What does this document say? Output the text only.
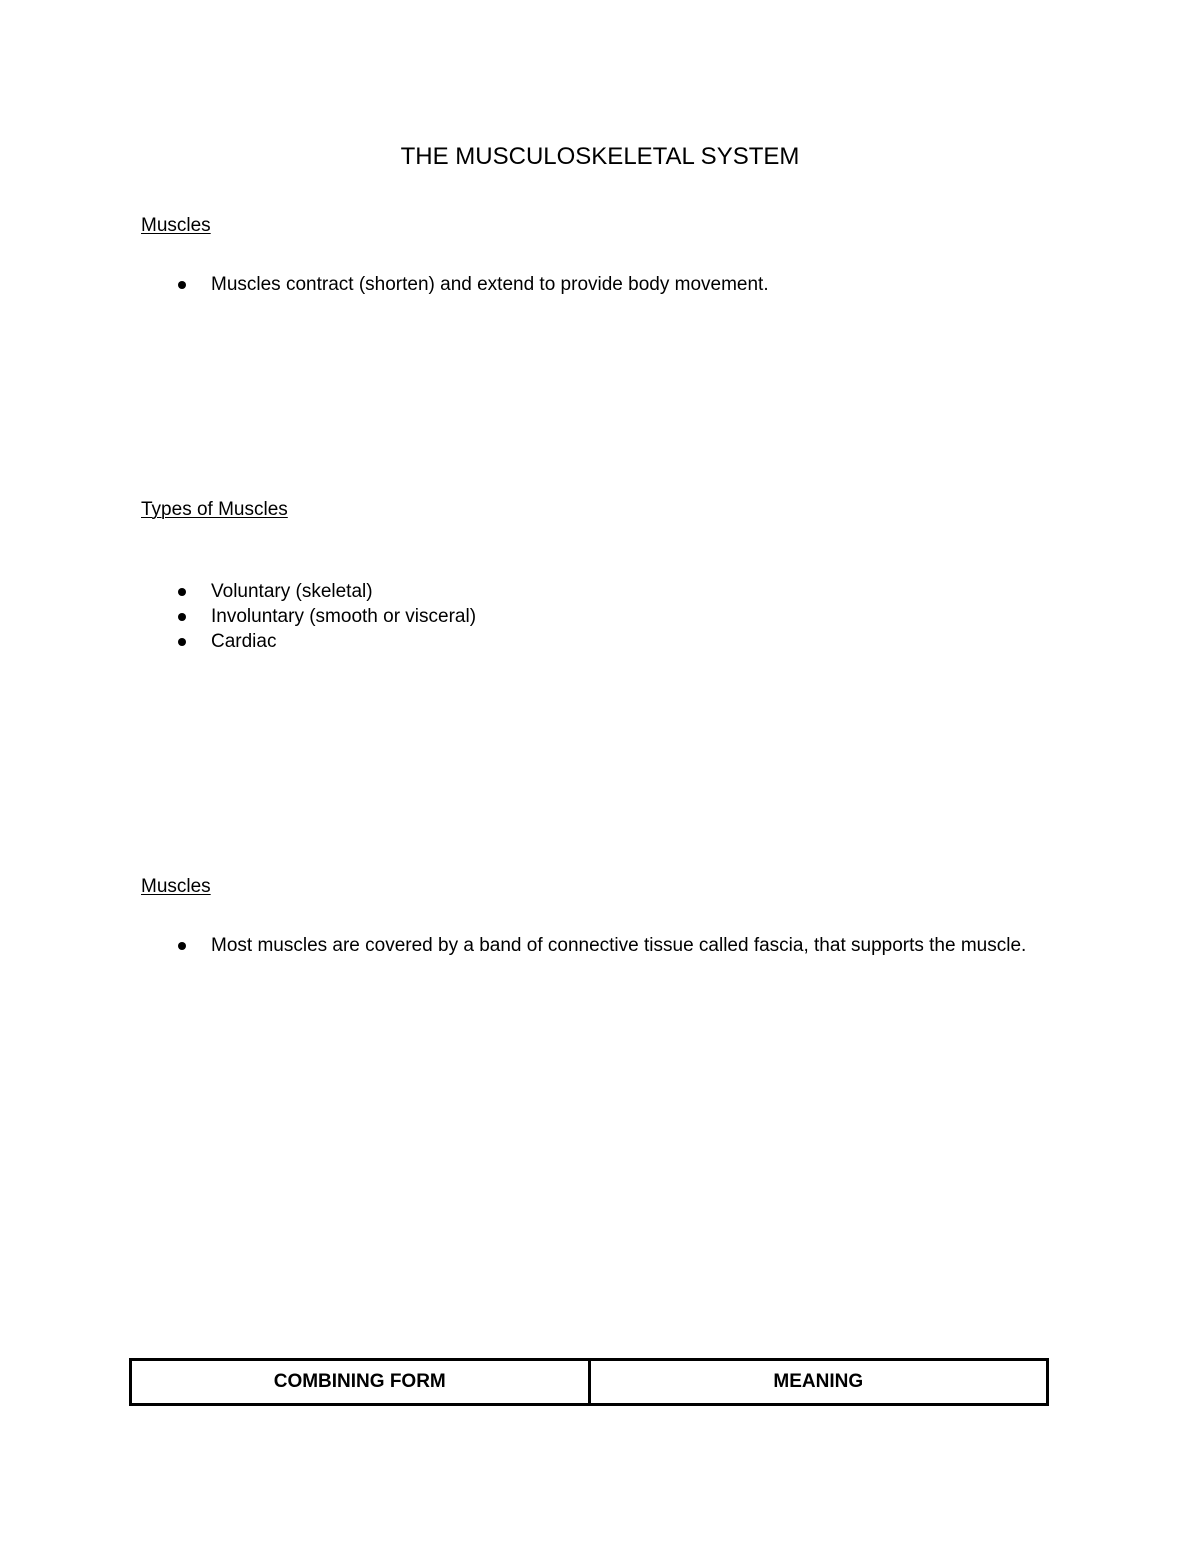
THE MUSCULOSKELETAL SYSTEM
Muscles
Muscles contract (shorten) and extend to provide body movement.
Types of Muscles
Voluntary (skeletal)
Involuntary (smooth or visceral)
Cardiac
Muscles
Most muscles are covered by a band of connective tissue called fascia, that supports the muscle.
COMBINING FORM	MEANING
